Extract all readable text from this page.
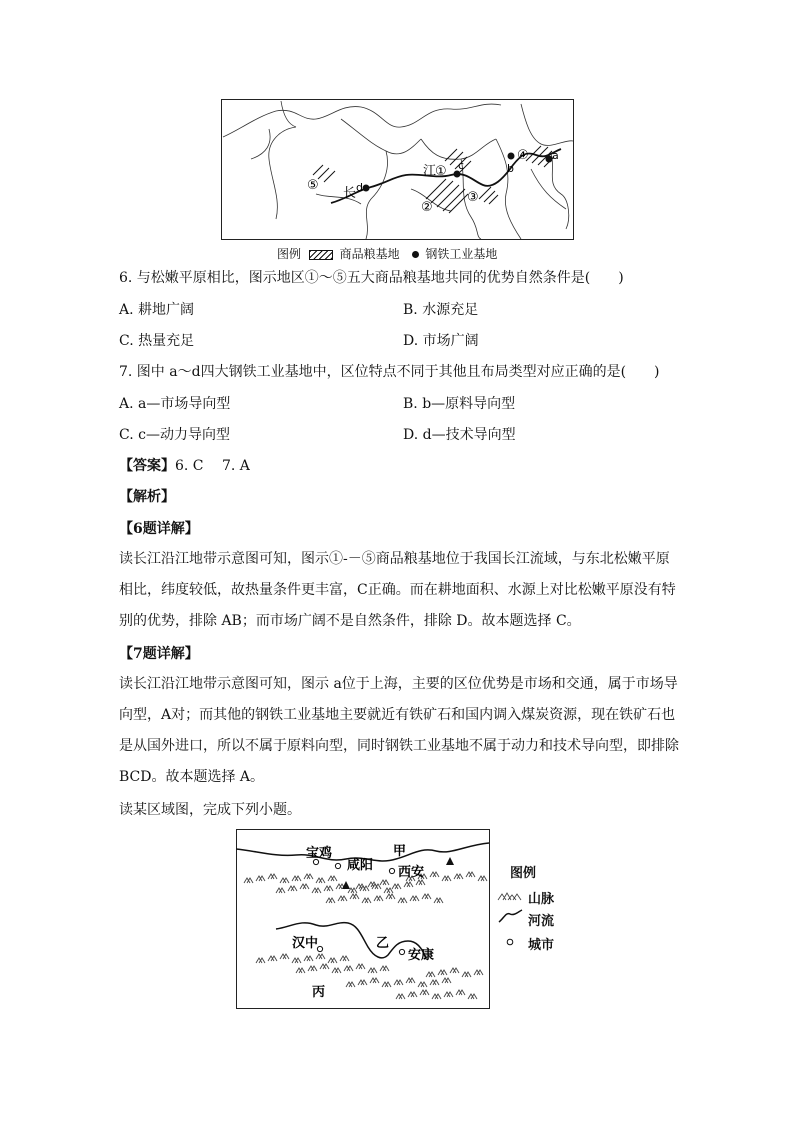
⑤
长 d
江
① c
②
③
b
④ a
图例	商品粮基地 钢铁工业基地
6. 与松嫩平原相比，图示地区①～⑤五大商品粮基地共同的优势自然条件是(　　)
A. 耕地广阔	B. 水源充足
C. 热量充足	D. 市场广阔
7. 图中 a～d四大钢铁工业基地中，区位特点不同于其他且布局类型对应正确的是(　　)
A. a—市场导向型	B. b—原料导向型
C. c—动力导向型	D. d—技术导向型
【答案】6. C　 7. A
【解析】
【6题详解】
读长江沿江地带示意图可知，图示①-－⑤商品粮基地位于我国长江流域，与东北松嫩平原相比，纬度较低，故热量条件更丰富，C正确。而在耕地面积、水源上对比松嫩平原没有特别的优势，排除 AB；而市场广阔不是自然条件，排除 D。故本题选择 C。
【7题详解】
读长江沿江地带示意图可知，图示 a位于上海，主要的区位优势是市场和交通，属于市场导向型，A对；而其他的钢铁工业基地主要就近有铁矿石和国内调入煤炭资源，现在铁矿石也是从国外进口，所以不属于原料向型，同时钢铁工业基地不属于动力和技术导向型，即排除 BCD。故本题选择 A。
读某区域图，完成下列小题。
宝鸡
咸阳
甲
西安
汉中	乙
安康
丙
图例
山脉
河流
城市
